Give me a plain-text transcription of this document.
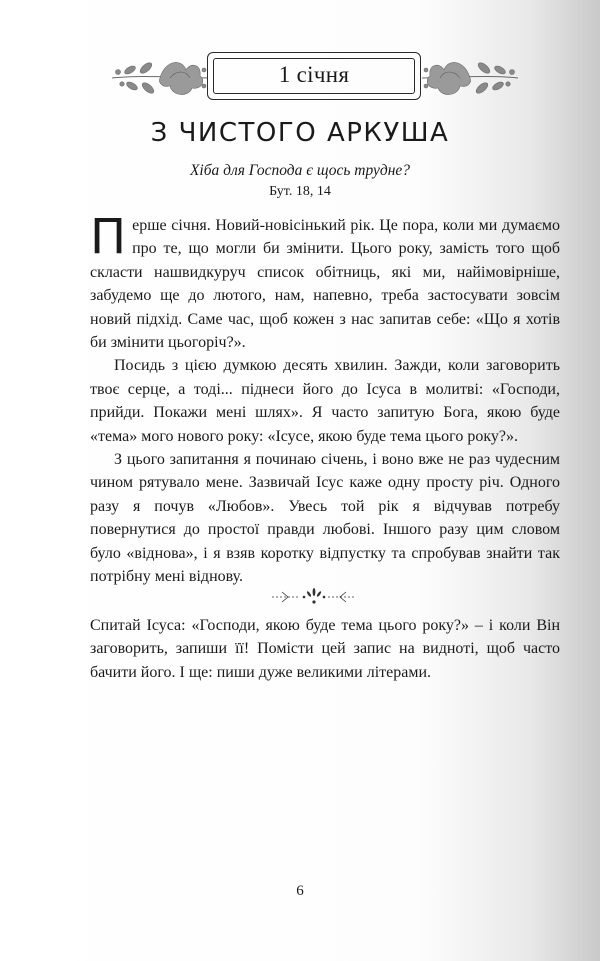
1 січня
З ЧИСТОГО АРКУША
Хіба для Господа є щось трудне?
Бут. 18, 14

Перше січня. Новий-новісінький рік. Це пора, коли ми думаємо про те, що могли би змінити. Цього року, замість того щоб скласти нашвидкуруч список обітниць, які ми, найімовірніше, забудемо ще до лютого, нам, напевно, треба застосувати зовсім новий підхід. Саме час, щоб кожен з нас запитав себе: «Що я хотів би змінити цьогоріч?».

Посидь з цією думкою десять хвилин. Зажди, коли заговорить твоє серце, а тоді... піднеси його до Ісуса в молитві: «Господи, прийди. Покажи мені шлях». Я часто запитую Бога, якою буде «тема» мого нового року: «Ісусе, якою буде тема цього року?».

З цього запитання я починаю січень, і воно вже не раз чудесним чином рятувало мене. Зазвичай Ісус каже одну просту річ. Одного разу я почув «Любов». Увесь той рік я відчував потребу повернутися до простої правди любові. Іншого разу цим словом було «віднова», і я взяв коротку відпустку та спробував знайти так потрібну мені віднову.

Спитай Ісуса: «Господи, якою буде тема цього року?» – і коли Він заговорить, запиши її! Помісти цей запис на видноті, щоб часто бачити його. І ще: пиши дуже великими літерами.

6
